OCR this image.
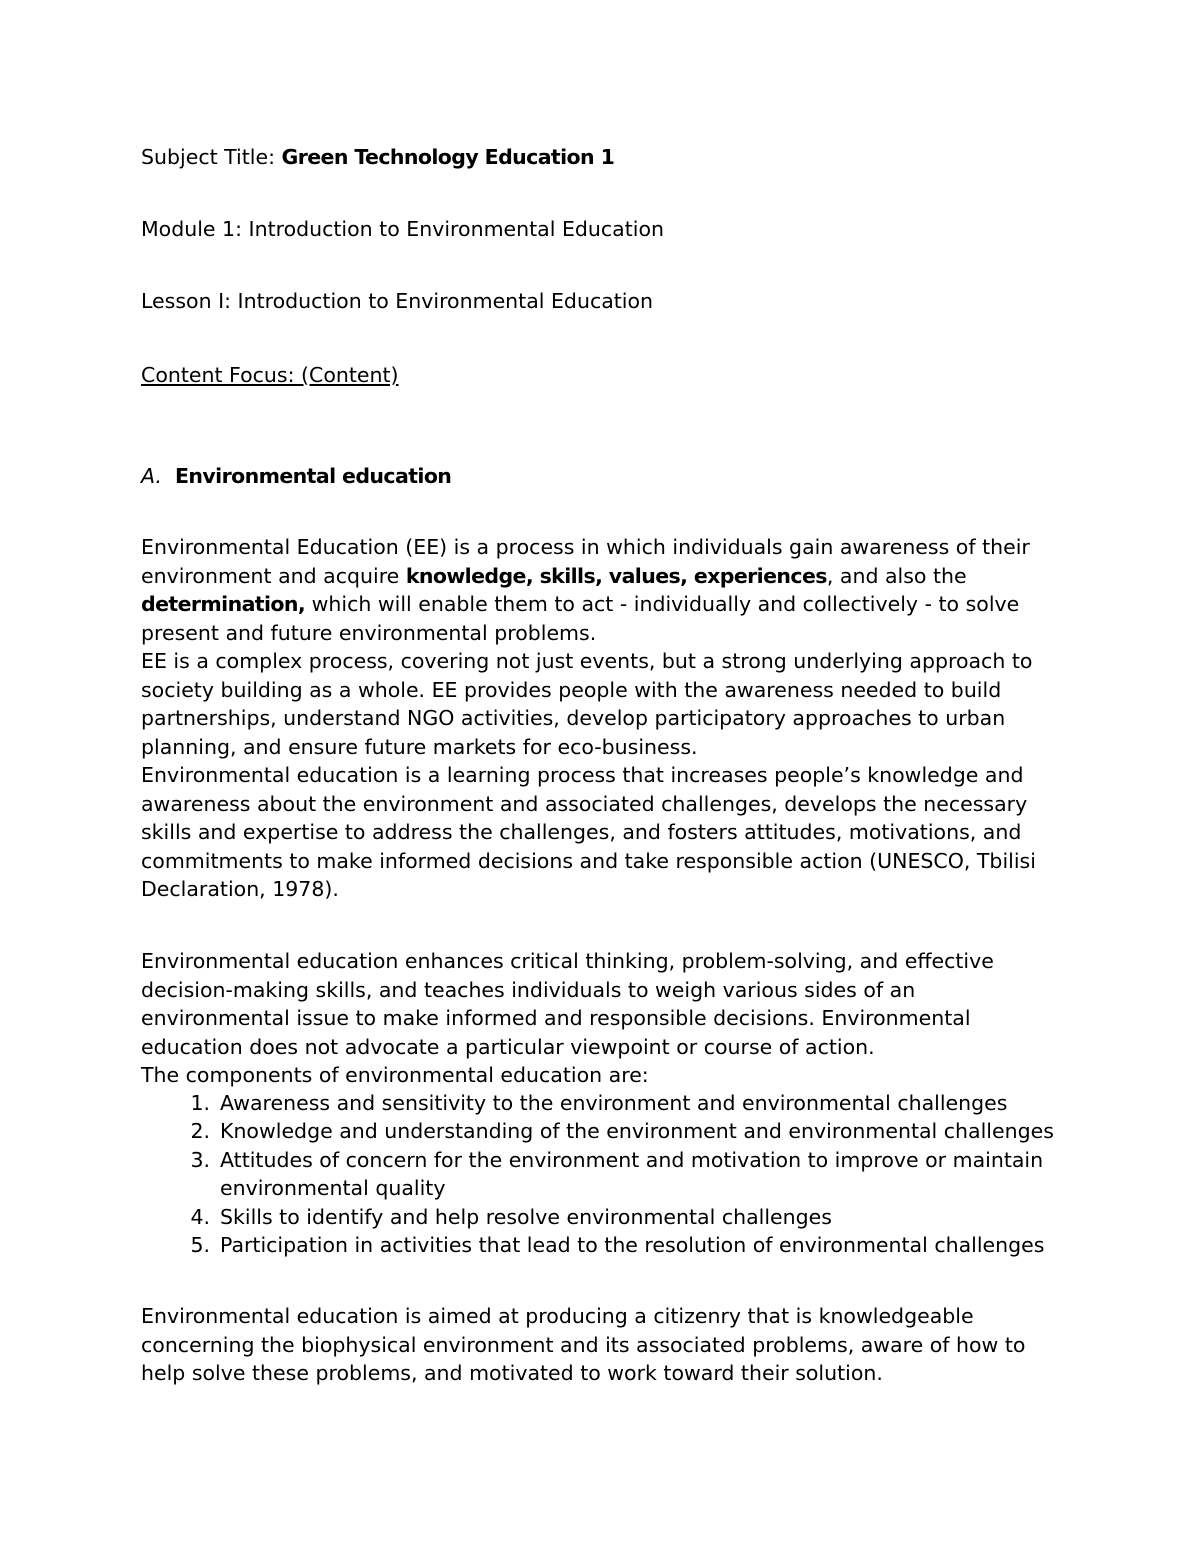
Subject Title: Green Technology Education 1
Module 1: Introduction to Environmental Education
Lesson I: Introduction to Environmental Education
Content Focus: (Content)
A. Environmental education

Environmental Education (EE) is a process in which individuals gain awareness of their environment and acquire knowledge, skills, values, experiences, and also the determination, which will enable them to act - individually and collectively - to solve present and future environmental problems.

EE is a complex process, covering not just events, but a strong underlying approach to society building as a whole. EE provides people with the awareness needed to build partnerships, understand NGO activities, develop participatory approaches to urban planning, and ensure future markets for eco-business.

Environmental education is a learning process that increases people’s knowledge and awareness about the environment and associated challenges, develops the necessary skills and expertise to address the challenges, and fosters attitudes, motivations, and commitments to make informed decisions and take responsible action (UNESCO, Tbilisi Declaration, 1978).

Environmental education enhances critical thinking, problem-solving, and effective decision-making skills, and teaches individuals to weigh various sides of an environmental issue to make informed and responsible decisions. Environmental education does not advocate a particular viewpoint or course of action.
The components of environmental education are:
1. Awareness and sensitivity to the environment and environmental challenges
2. Knowledge and understanding of the environment and environmental challenges
3. Attitudes of concern for the environment and motivation to improve or maintain environmental quality
4. Skills to identify and help resolve environmental challenges
5. Participation in activities that lead to the resolution of environmental challenges
Environmental education is aimed at producing a citizenry that is knowledgeable concerning the biophysical environment and its associated problems, aware of how to help solve these problems, and motivated to work toward their solution.
